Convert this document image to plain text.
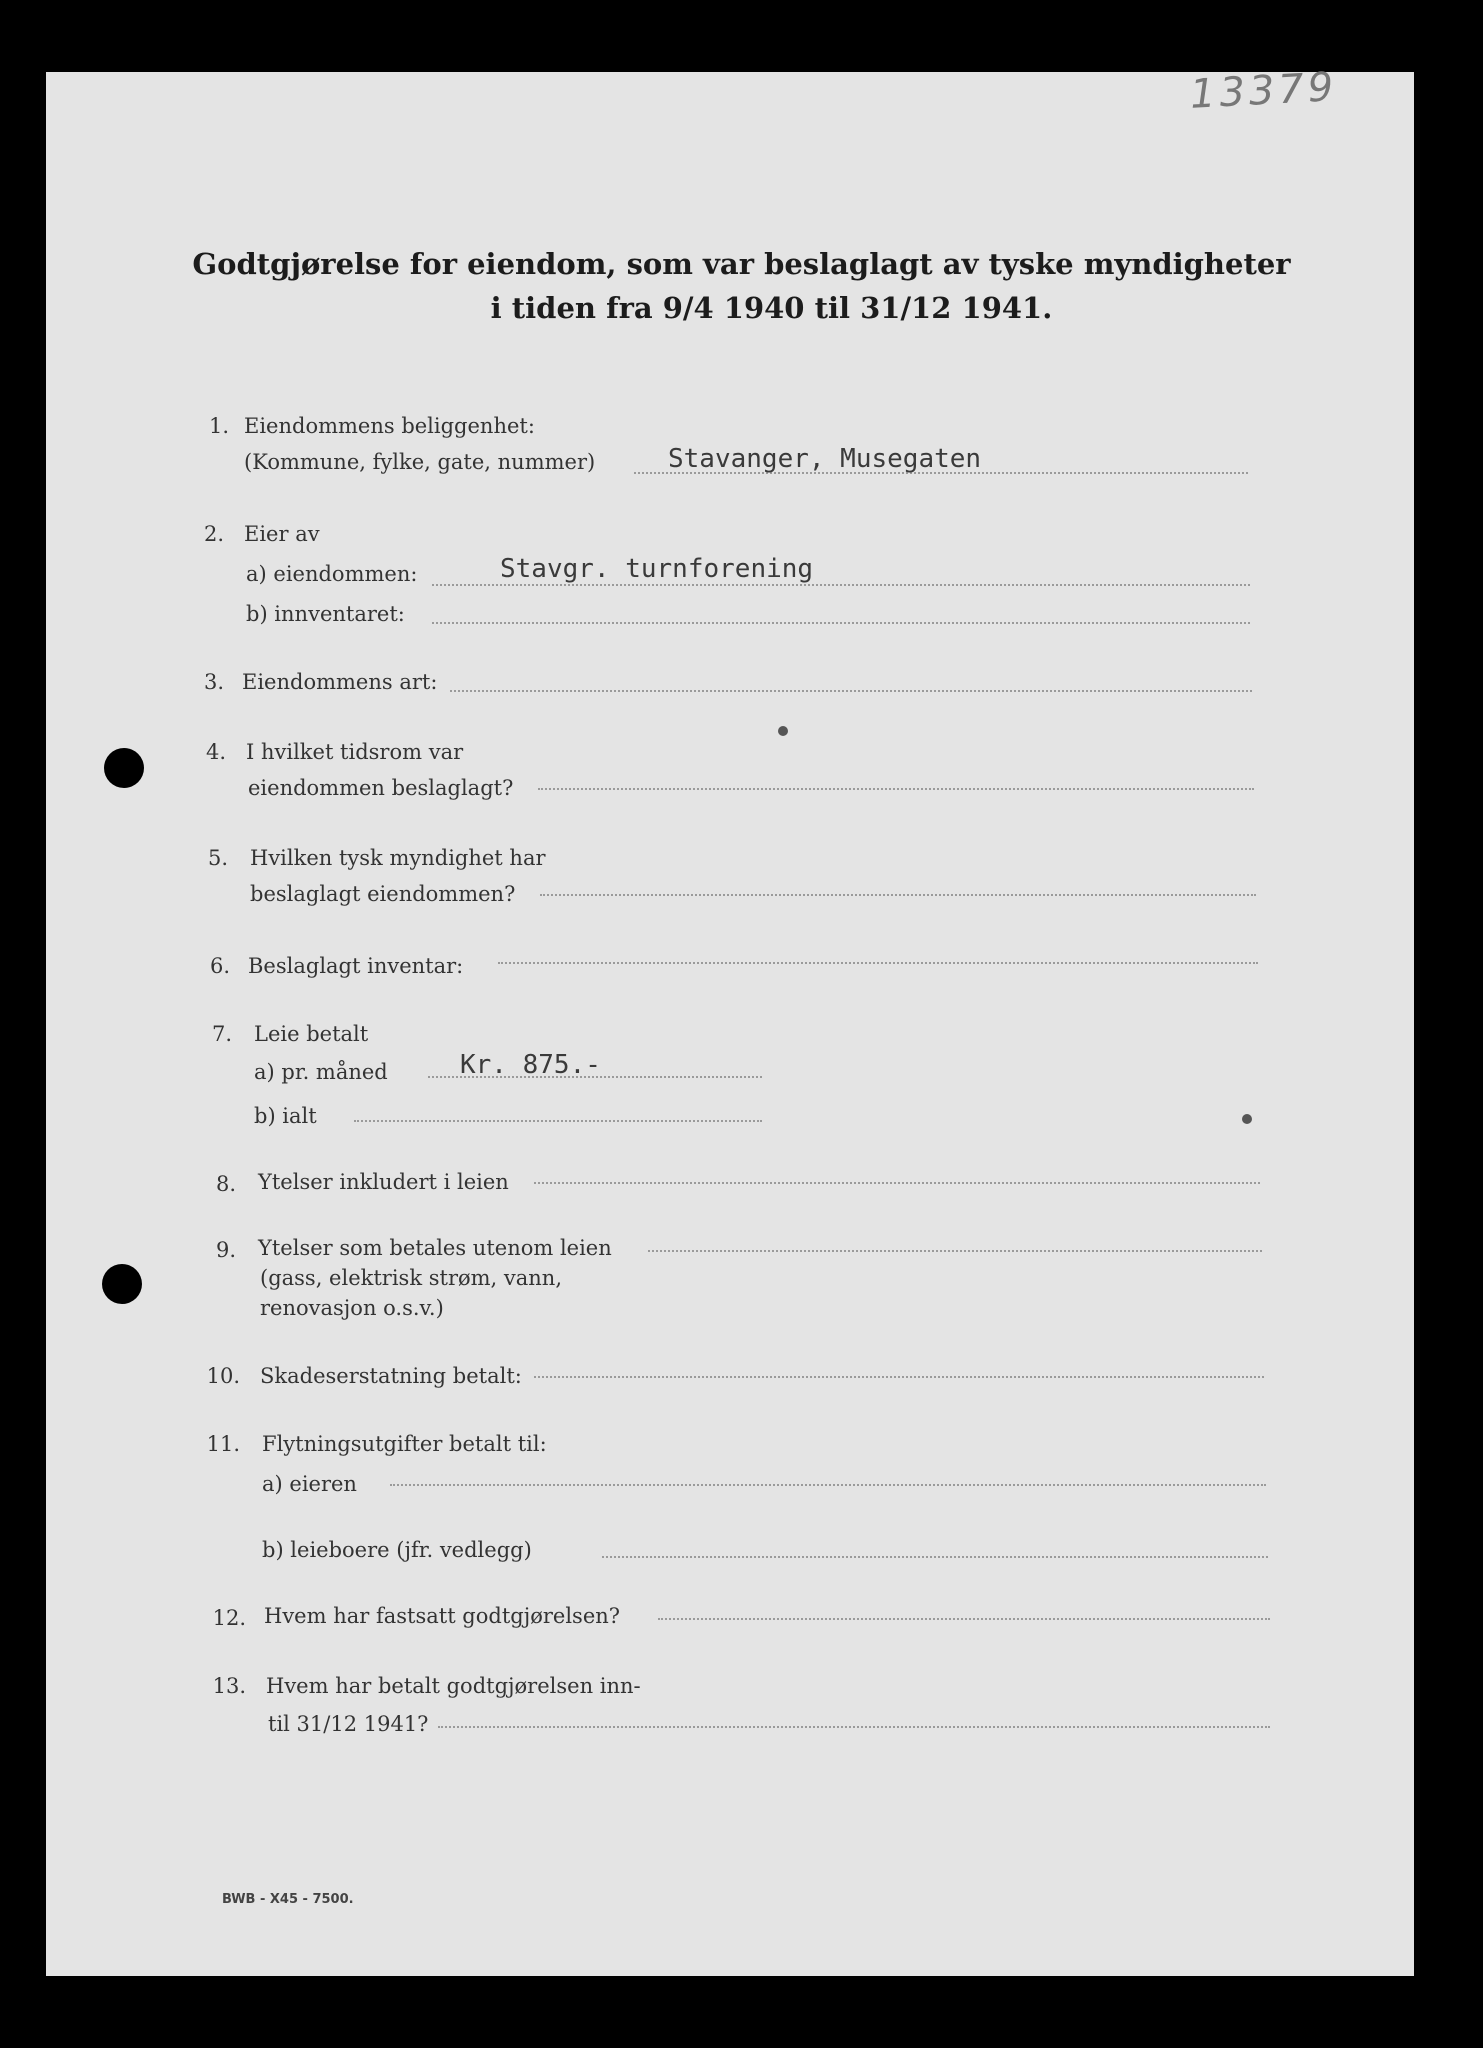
13379
Godtgjørelse for eiendom, som var beslaglagt av tyske myndigheter
i tiden fra 9/4 1940 til 31/12 1941.
1. Eiendommens beliggenhet:
(Kommune, fylke, gate, nummer)	Stavanger, Musegaten
2. Eier av
a) eiendommen:	Stavgr. turnforening
b) innventaret:
3. Eiendommens art:
4. I hvilket tidsrom var
eiendommen beslaglagt?
5. Hvilken tysk myndighet har
beslaglagt eiendommen?
6. Beslaglagt inventar:
7. Leie betalt
a) pr. måned	Kr. 875.-
b) ialt
8. Ytelser inkludert i leien
9. Ytelser som betales utenom leien
(gass, elektrisk strøm, vann,
renovasjon o.s.v.)
10. Skadeserstatning betalt:
11. Flytningsutgifter betalt til:
a) eieren
b) leieboere (jfr. vedlegg)
12. Hvem har fastsatt godtgjørelsen?
13. Hvem har betalt godtgjørelsen inn-
til 31/12 1941?
BWB - X45 - 7500.
